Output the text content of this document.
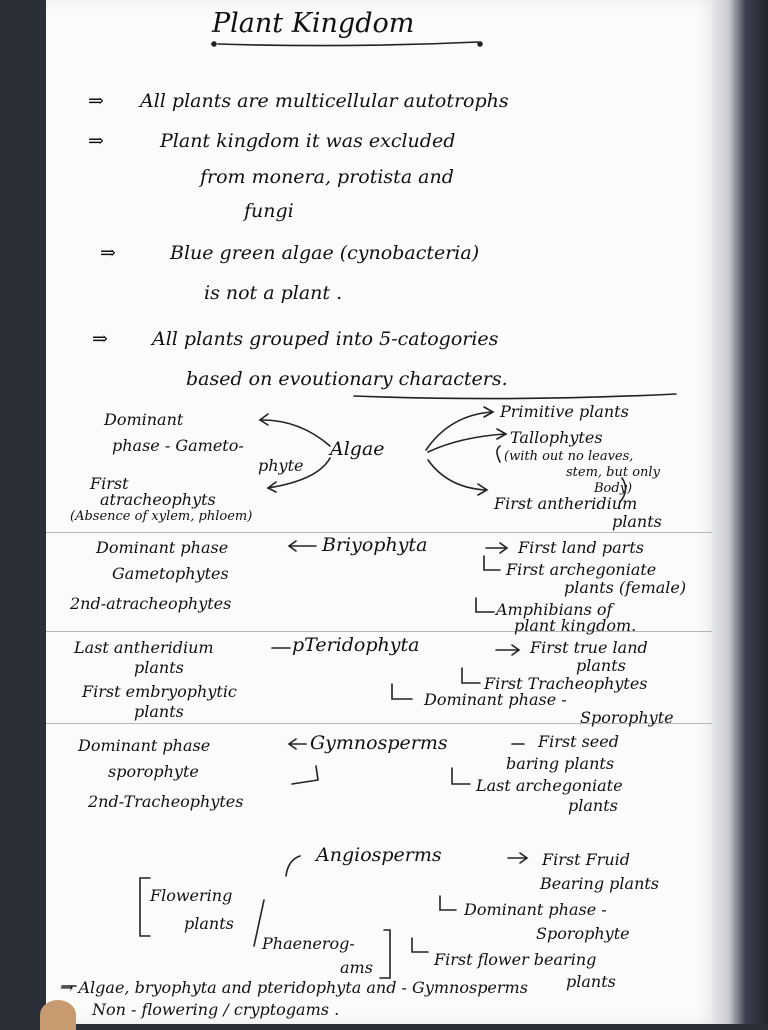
Plant Kingdom
⇒ All plants are multicellular autotrophs
⇒	Plant kingdom it was excluded
from monera, protista and
fungi
⇒	Blue green algae (cynobacteria)
is not a plant .
⇒ All plants grouped into 5-catogories
based on evoutionary characters.
Algae
Dominant
phase - Gameto-
phyte
First
atracheophyts
(Absence of xylem, phloem)
Primitive plants
Tallophytes
(with out no leaves,
stem, but only
Body)
First antheridium
plants
Briyophyta
Dominant phase
Gametophytes
2nd-atracheophytes
First land parts
First archegoniate
plants (female)
Amphibians of
plant kingdom.
pTeridophyta
Last antheridium
plants
First embryophytic
plants
First true land
plants
First Tracheophytes
Dominant phase -
Sporophyte
Gymnosperms
Dominant phase
sporophyte
2nd-Tracheophytes
First seed
baring plants
Last archegoniate
plants
Angiosperms
Flowering
plants
Phaenerog-
ams
First Fruid
Bearing plants
Dominant phase -
Sporophyte
First flower bearing
plants
→ Algae, bryophyta and pteridophyta and - Gymnosperms
Non - flowering / cryptogams .
